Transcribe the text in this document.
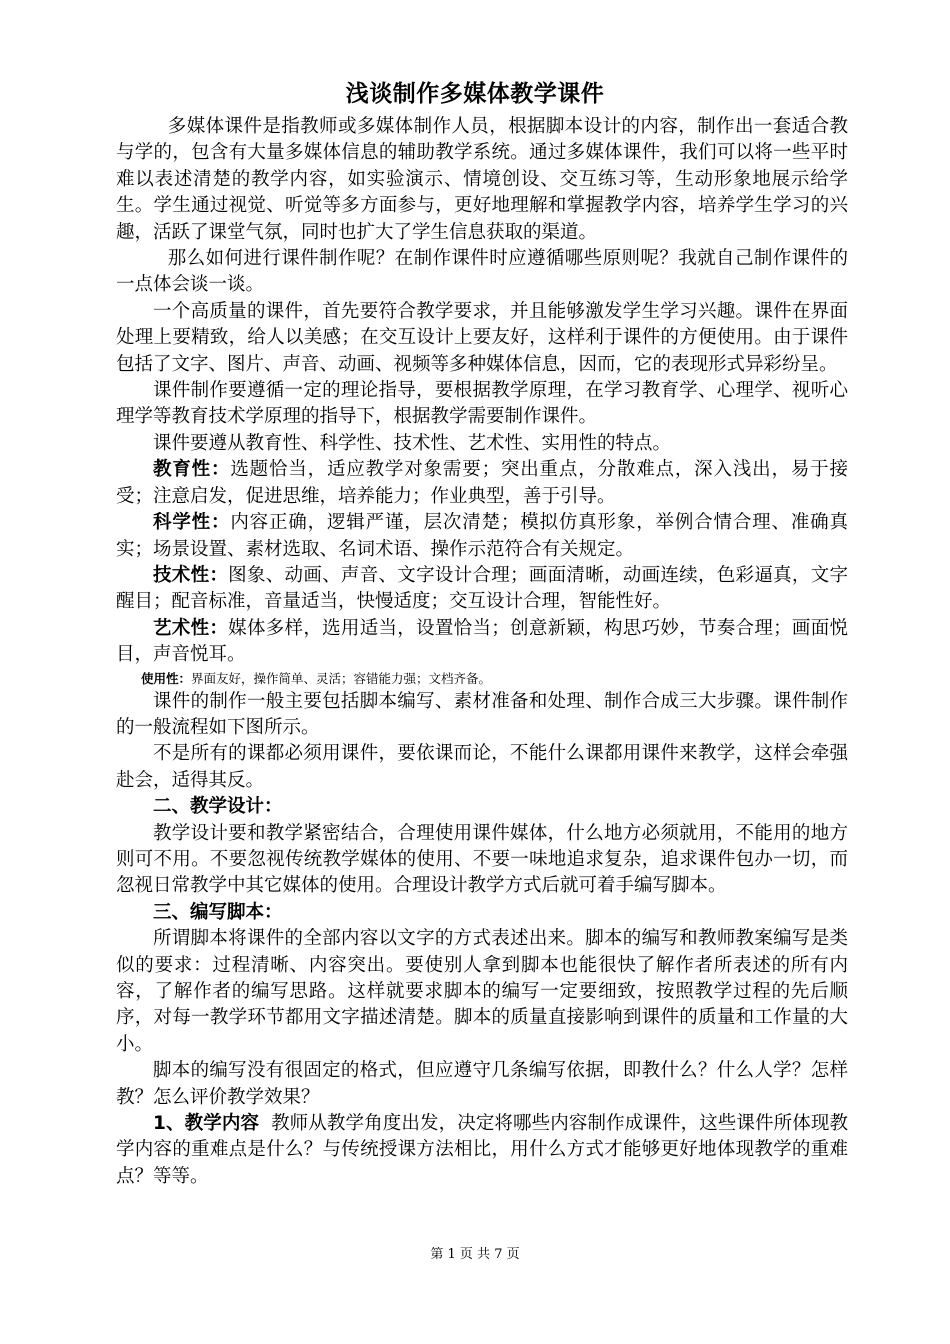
浅谈制作多媒体教学课件

多媒体课件是指教师或多媒体制作人员，根据脚本设计的内容，制作出一套适合教与学的，包含有大量多媒体信息的辅助教学系统。通过多媒体课件，我们可以将一些平时难以表述清楚的教学内容，如实验演示、情境创设、交互练习等，生动形象地展示给学生。学生通过视觉、听觉等多方面参与，更好地理解和掌握教学内容，培养学生学习的兴趣，活跃了课堂气氛，同时也扩大了学生信息获取的渠道。

那么如何进行课件制作呢？在制作课件时应遵循哪些原则呢？我就自己制作课件的一点体会谈一谈。

一个高质量的课件，首先要符合教学要求，并且能够激发学生学习兴趣。课件在界面处理上要精致，给人以美感；在交互设计上要友好，这样利于课件的方便使用。由于课件包括了文字、图片、声音、动画、视频等多种媒体信息，因而，它的表现形式异彩纷呈。

课件制作要遵循一定的理论指导，要根据教学原理，在学习教育学、心理学、视听心理学等教育技术学原理的指导下，根据教学需要制作课件。

课件要遵从教育性、科学性、技术性、艺术性、实用性的特点。

教育性：选题恰当，适应教学对象需要；突出重点，分散难点，深入浅出，易于接受；注意启发，促进思维，培养能力；作业典型，善于引导。

科学性：内容正确，逻辑严谨，层次清楚；模拟仿真形象，举例合情合理、准确真实；场景设置、素材选取、名词术语、操作示范符合有关规定。

技术性：图象、动画、声音、文字设计合理；画面清晰，动画连续，色彩逼真，文字醒目；配音标准，音量适当，快慢适度；交互设计合理，智能性好。

艺术性：媒体多样，选用适当，设置恰当；创意新颖，构思巧妙，节奏合理；画面悦目，声音悦耳。

使用性：界面友好，操作简单、灵活；容错能力强；文档齐备。

课件的制作一般主要包括脚本编写、素材准备和处理、制作合成三大步骤。课件制作的一般流程如下图所示。

不是所有的课都必须用课件，要依课而论，不能什么课都用课件来教学，这样会牵强赴会，适得其反。

二、教学设计：

教学设计要和教学紧密结合，合理使用课件媒体，什么地方必须就用，不能用的地方则可不用。不要忽视传统教学媒体的使用、不要一味地追求复杂，追求课件包办一切，而忽视日常教学中其它媒体的使用。合理设计教学方式后就可着手编写脚本。

三、编写脚本：

所谓脚本将课件的全部内容以文字的方式表述出来。脚本的编写和教师教案编写是类似的要求：过程清晰、内容突出。要使别人拿到脚本也能很快了解作者所表述的所有内容，了解作者的编写思路。这样就要求脚本的编写一定要细致，按照教学过程的先后顺序，对每一教学环节都用文字描述清楚。脚本的质量直接影响到课件的质量和工作量的大小。

脚本的编写没有很固定的格式，但应遵守几条编写依据，即教什么？什么人学？怎样教？怎么评价教学效果？

1、教学内容 教师从教学角度出发，决定将哪些内容制作成课件，这些课件所体现教学内容的重难点是什么？与传统授课方法相比，用什么方式才能够更好地体现教学的重难点？等等。

第 1 页 共 7 页
